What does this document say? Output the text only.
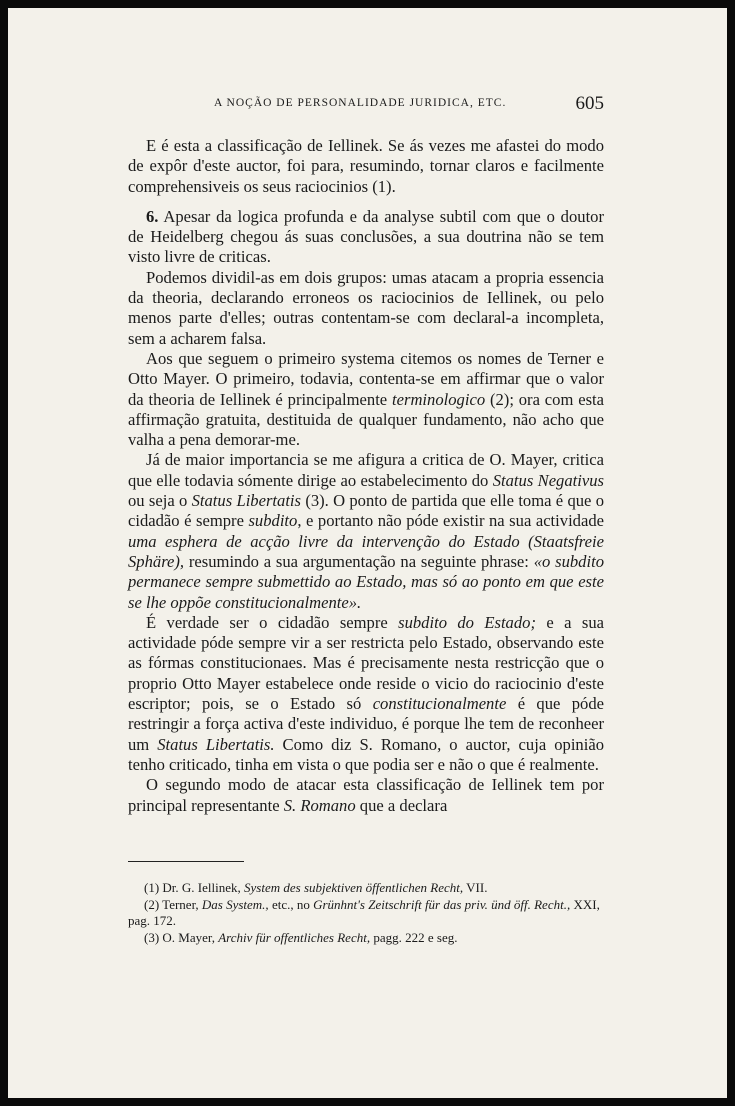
A NOÇÃO DE PERSONALIDADE JURIDICA, ETC.	605

E é esta a classificação de Iellinek. Se ás vezes me afastei do modo de expôr d'este auctor, foi para, resumindo, tornar claros e facilmente comprehensiveis os seus raciocinios (1).

6. Apesar da logica profunda e da analyse subtil com que o doutor de Heidelberg chegou ás suas conclusões, a sua doutrina não se tem visto livre de criticas.

Podemos dividil-as em dois grupos: umas atacam a propria essencia da theoria, declarando erroneos os raciocinios de Iellinek, ou pelo menos parte d'elles; outras contentam-se com declaral-a incompleta, sem a acharem falsa.

Aos que seguem o primeiro systema citemos os nomes de Terner e Otto Mayer. O primeiro, todavia, contenta-se em affirmar que o valor da theoria de Iellinek é principalmente terminologico (2); ora com esta affirmação gratuita, destituida de qualquer fundamento, não acho que valha a pena demorar-me.

Já de maior importancia se me afigura a critica de O. Mayer, critica que elle todavia sómente dirige ao estabelecimento do Status Negativus ou seja o Status Libertatis (3). O ponto de partida que elle toma é que o cidadão é sempre subdito, e portanto não póde existir na sua actividade uma esphera de acção livre da intervenção do Estado (Staatsfreie Sphäre), resumindo a sua argumentação na seguinte phrase: «o subdito permanece sempre submettido ao Estado, mas só ao ponto em que este se lhe oppõe constitucionalmente».

É verdade ser o cidadão sempre subdito do Estado; e a sua actividade póde sempre vir a ser restricta pelo Estado, observando este as fórmas constitucionaes. Mas é precisamente nesta restricção que o proprio Otto Mayer estabelece onde reside o vicio do raciocinio d'este escriptor; pois, se o Estado só constitucionalmente é que póde restringir a força activa d'este individuo, é porque lhe tem de reconheer um Status Libertatis. Como diz S. Romano, o auctor, cuja opinião tenho criticado, tinha em vista o que podia ser e não o que é realmente.

O segundo modo de atacar esta classificação de Iellinek tem por principal representante S. Romano que a declara

(1) Dr. G. Iellinek, System des subjektiven öffentlichen Recht, VII.

(2) Terner, Das System., etc., no Grünhnt's Zeitschrift für das priv. ünd öff. Recht., XXI, pag. 172.

(3) O. Mayer, Archiv für offentliches Recht, pagg. 222 e seg.
